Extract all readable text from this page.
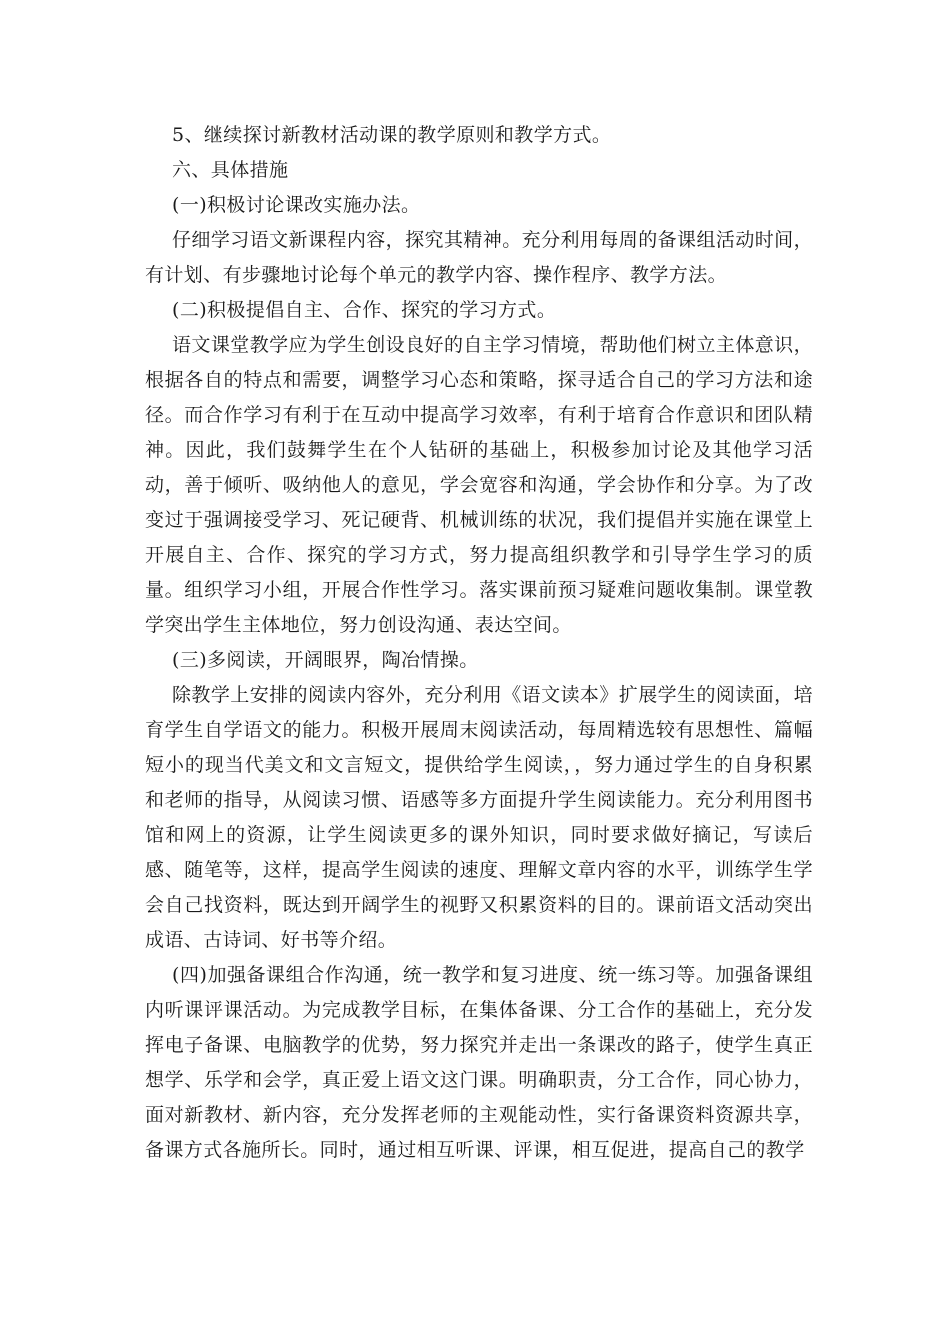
5、继续探讨新教材活动课的教学原则和教学方式。

六、具体措施

(一)积极讨论课改实施办法。

仔细学习语文新课程内容，探究其精神。充分利用每周的备课组活动时间，有计划、有步骤地讨论每个单元的教学内容、操作程序、教学方法。

(二)积极提倡自主、合作、探究的学习方式。

语文课堂教学应为学生创设良好的自主学习情境，帮助他们树立主体意识，根据各自的特点和需要，调整学习心态和策略，探寻适合自己的学习方法和途径。而合作学习有利于在互动中提高学习效率，有利于培育合作意识和团队精神。因此，我们鼓舞学生在个人钻研的基础上，积极参加讨论及其他学习活动，善于倾听、吸纳他人的意见，学会宽容和沟通，学会协作和分享。为了改变过于强调接受学习、死记硬背、机械训练的状况，我们提倡并实施在课堂上开展自主、合作、探究的学习方式，努力提高组织教学和引导学生学习的质量。组织学习小组，开展合作性学习。落实课前预习疑难问题收集制。课堂教学突出学生主体地位，努力创设沟通、表达空间。

(三)多阅读，开阔眼界，陶冶情操。

除教学上安排的阅读内容外，充分利用《语文读本》扩展学生的阅读面，培育学生自学语文的能力。积极开展周末阅读活动，每周精选较有思想性、篇幅短小的现当代美文和文言短文，提供给学生阅读，，努力通过学生的自身积累和老师的指导，从阅读习惯、语感等多方面提升学生阅读能力。充分利用图书馆和网上的资源，让学生阅读更多的课外知识，同时要求做好摘记，写读后感、随笔等，这样，提高学生阅读的速度、理解文章内容的水平，训练学生学会自己找资料，既达到开阔学生的视野又积累资料的目的。课前语文活动突出成语、古诗词、好书等介绍。

(四)加强备课组合作沟通，统一教学和复习进度、统一练习等。加强备课组内听课评课活动。为完成教学目标，在集体备课、分工合作的基础上，充分发挥电子备课、电脑教学的优势，努力探究并走出一条课改的路子，使学生真正想学、乐学和会学，真正爱上语文这门课。明确职责，分工合作，同心协力，面对新教材、新内容，充分发挥老师的主观能动性，实行备课资料资源共享，备课方式各施所长。同时，通过相互听课、评课，相互促进，提高自己的教学
